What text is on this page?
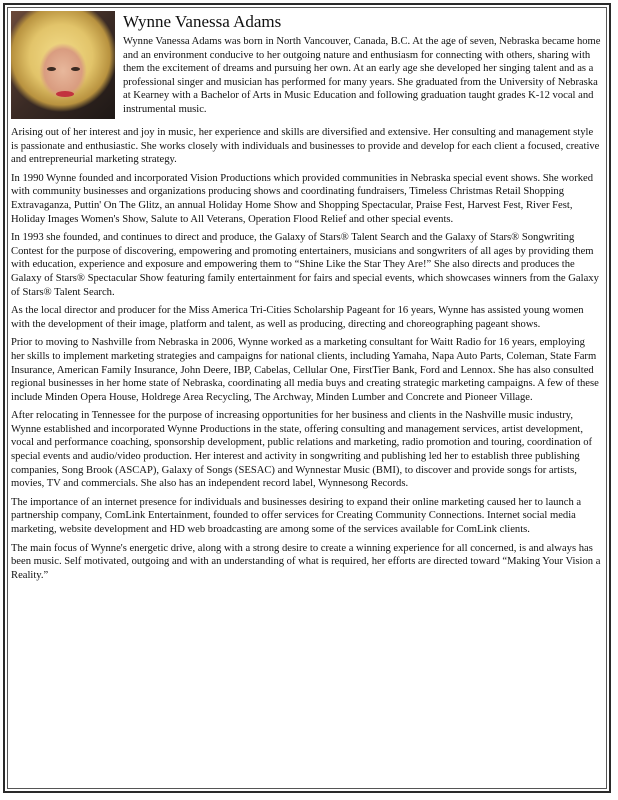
Wynne Vanessa Adams
Wynne Vanessa Adams was born in North Vancouver, Canada, B.C. At the age of seven, Nebraska became home and an environment conducive to her outgoing nature and enthusiasm for connecting with others, sharing with them the excitement of dreams and pursuing her own. At an early age she developed her singing talent and as a professional singer and musician has performed for many years. She graduated from the University of Nebraska at Kearney with a Bachelor of Arts in Music Education and following graduation taught grades K-12 vocal and instrumental music.

Arising out of her interest and joy in music, her experience and skills are diversified and extensive. Her consulting and management style is passionate and enthusiastic. She works closely with individuals and businesses to provide and develop for each client a focused, creative and entrepreneurial marketing strategy.

In 1990 Wynne founded and incorporated Vision Productions which provided communities in Nebraska special event shows. She worked with community businesses and organizations producing shows and coordinating fundraisers, Timeless Christmas Retail Shopping Extravaganza, Puttin' On The Glitz, an annual Holiday Home Show and Shopping Spectacular, Praise Fest, Harvest Fest, River Fest, Holiday Images Women's Show, Salute to All Veterans, Operation Flood Relief and other special events.

In 1993 she founded, and continues to direct and produce, the Galaxy of Stars® Talent Search and the Galaxy of Stars® Songwriting Contest for the purpose of discovering, empowering and promoting entertainers, musicians and songwriters of all ages by providing them with education, experience and exposure and empowering them to “Shine Like the Star They Are!” She also directs and produces the Galaxy of Stars® Spectacular Show featuring family entertainment for fairs and special events, which showcases winners from the Galaxy of Stars® Talent Search.

As the local director and producer for the Miss America Tri-Cities Scholarship Pageant for 16 years, Wynne has assisted young women with the development of their image, platform and talent, as well as producing, directing and choreographing pageant shows.

Prior to moving to Nashville from Nebraska in 2006, Wynne worked as a marketing consultant for Waitt Radio for 16 years, employing her skills to implement marketing strategies and campaigns for national clients, including Yamaha, Napa Auto Parts, Coleman, State Farm Insurance, American Family Insurance, John Deere, IBP, Cabelas, Cellular One, FirstTier Bank, Ford and Lennox. She has also consulted regional businesses in her home state of Nebraska, coordinating all media buys and creating strategic marketing campaigns. A few of these include Minden Opera House, Holdrege Area Recycling, The Archway, Minden Lumber and Concrete and Pioneer Village.

After relocating in Tennessee for the purpose of increasing opportunities for her business and clients in the Nashville music industry, Wynne established and incorporated Wynne Productions in the state, offering consulting and management services, artist development, vocal and performance coaching, sponsorship development, public relations and marketing, radio promotion and touring, coordination of special events and audio/video production. Her interest and activity in songwriting and publishing led her to establish three publishing companies, Song Brook (ASCAP), Galaxy of Songs (SESAC) and Wynnestar Music (BMI), to discover and provide songs for artists, movies, TV and commercials. She also has an independent record label, Wynnesong Records.

The importance of an internet presence for individuals and businesses desiring to expand their online marketing caused her to launch a partnership company, ComLink Entertainment, founded to offer services for Creating Community Connections. Internet social media marketing, website development and HD web broadcasting are among some of the services available for ComLink clients.

The main focus of Wynne's energetic drive, along with a strong desire to create a winning experience for all concerned, is and always has been music. Self motivated, outgoing and with an understanding of what is required, her efforts are directed toward “Making Your Vision a Reality.”
